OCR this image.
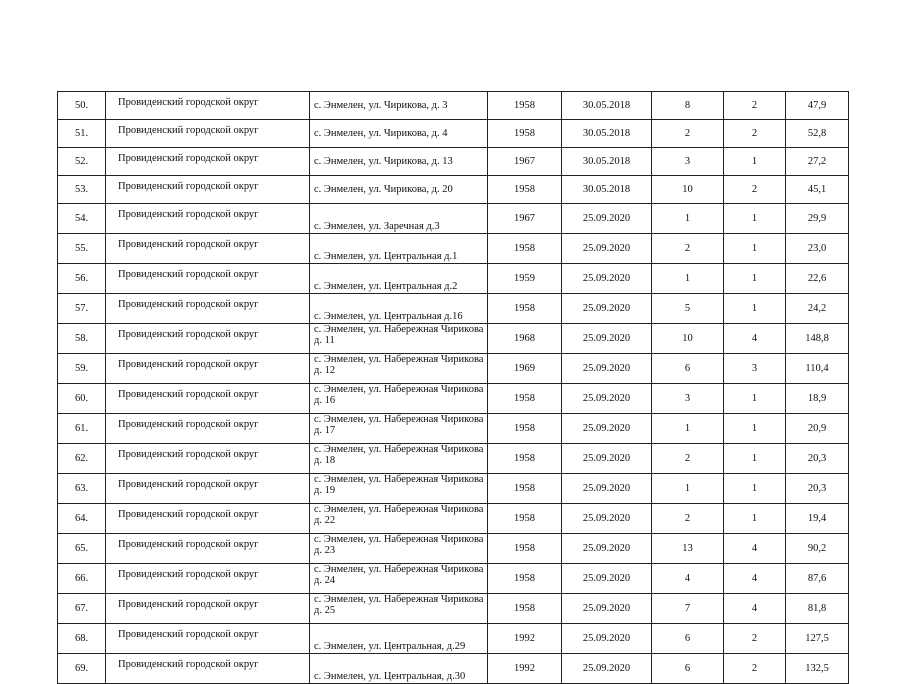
50.	Провиденский городской округ	с. Энмелен, ул. Чирикова, д. 3	1958	30.05.2018	8	2	47,9
51.	Провиденский городской округ	с. Энмелен, ул. Чирикова, д. 4	1958	30.05.2018	2	2	52,8
52.	Провиденский городской округ	с. Энмелен, ул. Чирикова, д. 13	1967	30.05.2018	3	1	27,2
53.	Провиденский городской округ	с. Энмелен, ул. Чирикова, д. 20	1958	30.05.2018	10	2	45,1
54.	Провиденский городской округ	с. Энмелен, ул. Заречная д.3	1967	25.09.2020	1	1	29,9
55.	Провиденский городской округ	с. Энмелен, ул. Центральная д.1	1958	25.09.2020	2	1	23,0
56.	Провиденский городской округ	с. Энмелен, ул. Центральная д.2	1959	25.09.2020	1	1	22,6
57.	Провиденский городской округ	с. Энмелен, ул. Центральная д.16	1958	25.09.2020	5	1	24,2
58.	Провиденский городской округ	с. Энмелен, ул. Набережная Чирикова д. 11	1968	25.09.2020	10	4	148,8
59.	Провиденский городской округ	с. Энмелен, ул. Набережная Чирикова д. 12	1969	25.09.2020	6	3	110,4
60.	Провиденский городской округ	с. Энмелен, ул. Набережная Чирикова д. 16	1958	25.09.2020	3	1	18,9
61.	Провиденский городской округ	с. Энмелен, ул. Набережная Чирикова д. 17	1958	25.09.2020	1	1	20,9
62.	Провиденский городской округ	с. Энмелен, ул. Набережная Чирикова д. 18	1958	25.09.2020	2	1	20,3
63.	Провиденский городской округ	с. Энмелен, ул. Набережная Чирикова д. 19	1958	25.09.2020	1	1	20,3
64.	Провиденский городской округ	с. Энмелен, ул. Набережная Чирикова д. 22	1958	25.09.2020	2	1	19,4
65.	Провиденский городской округ	с. Энмелен, ул. Набережная Чирикова д. 23	1958	25.09.2020	13	4	90,2
66.	Провиденский городской округ	с. Энмелен, ул. Набережная Чирикова д. 24	1958	25.09.2020	4	4	87,6
67.	Провиденский городской округ	с. Энмелен, ул. Набережная Чирикова д. 25	1958	25.09.2020	7	4	81,8
68.	Провиденский городской округ	с. Энмелен, ул. Центральная, д.29	1992	25.09.2020	6	2	127,5
69.	Провиденский городской округ	с. Энмелен, ул. Центральная, д.30	1992	25.09.2020	6	2	132,5
